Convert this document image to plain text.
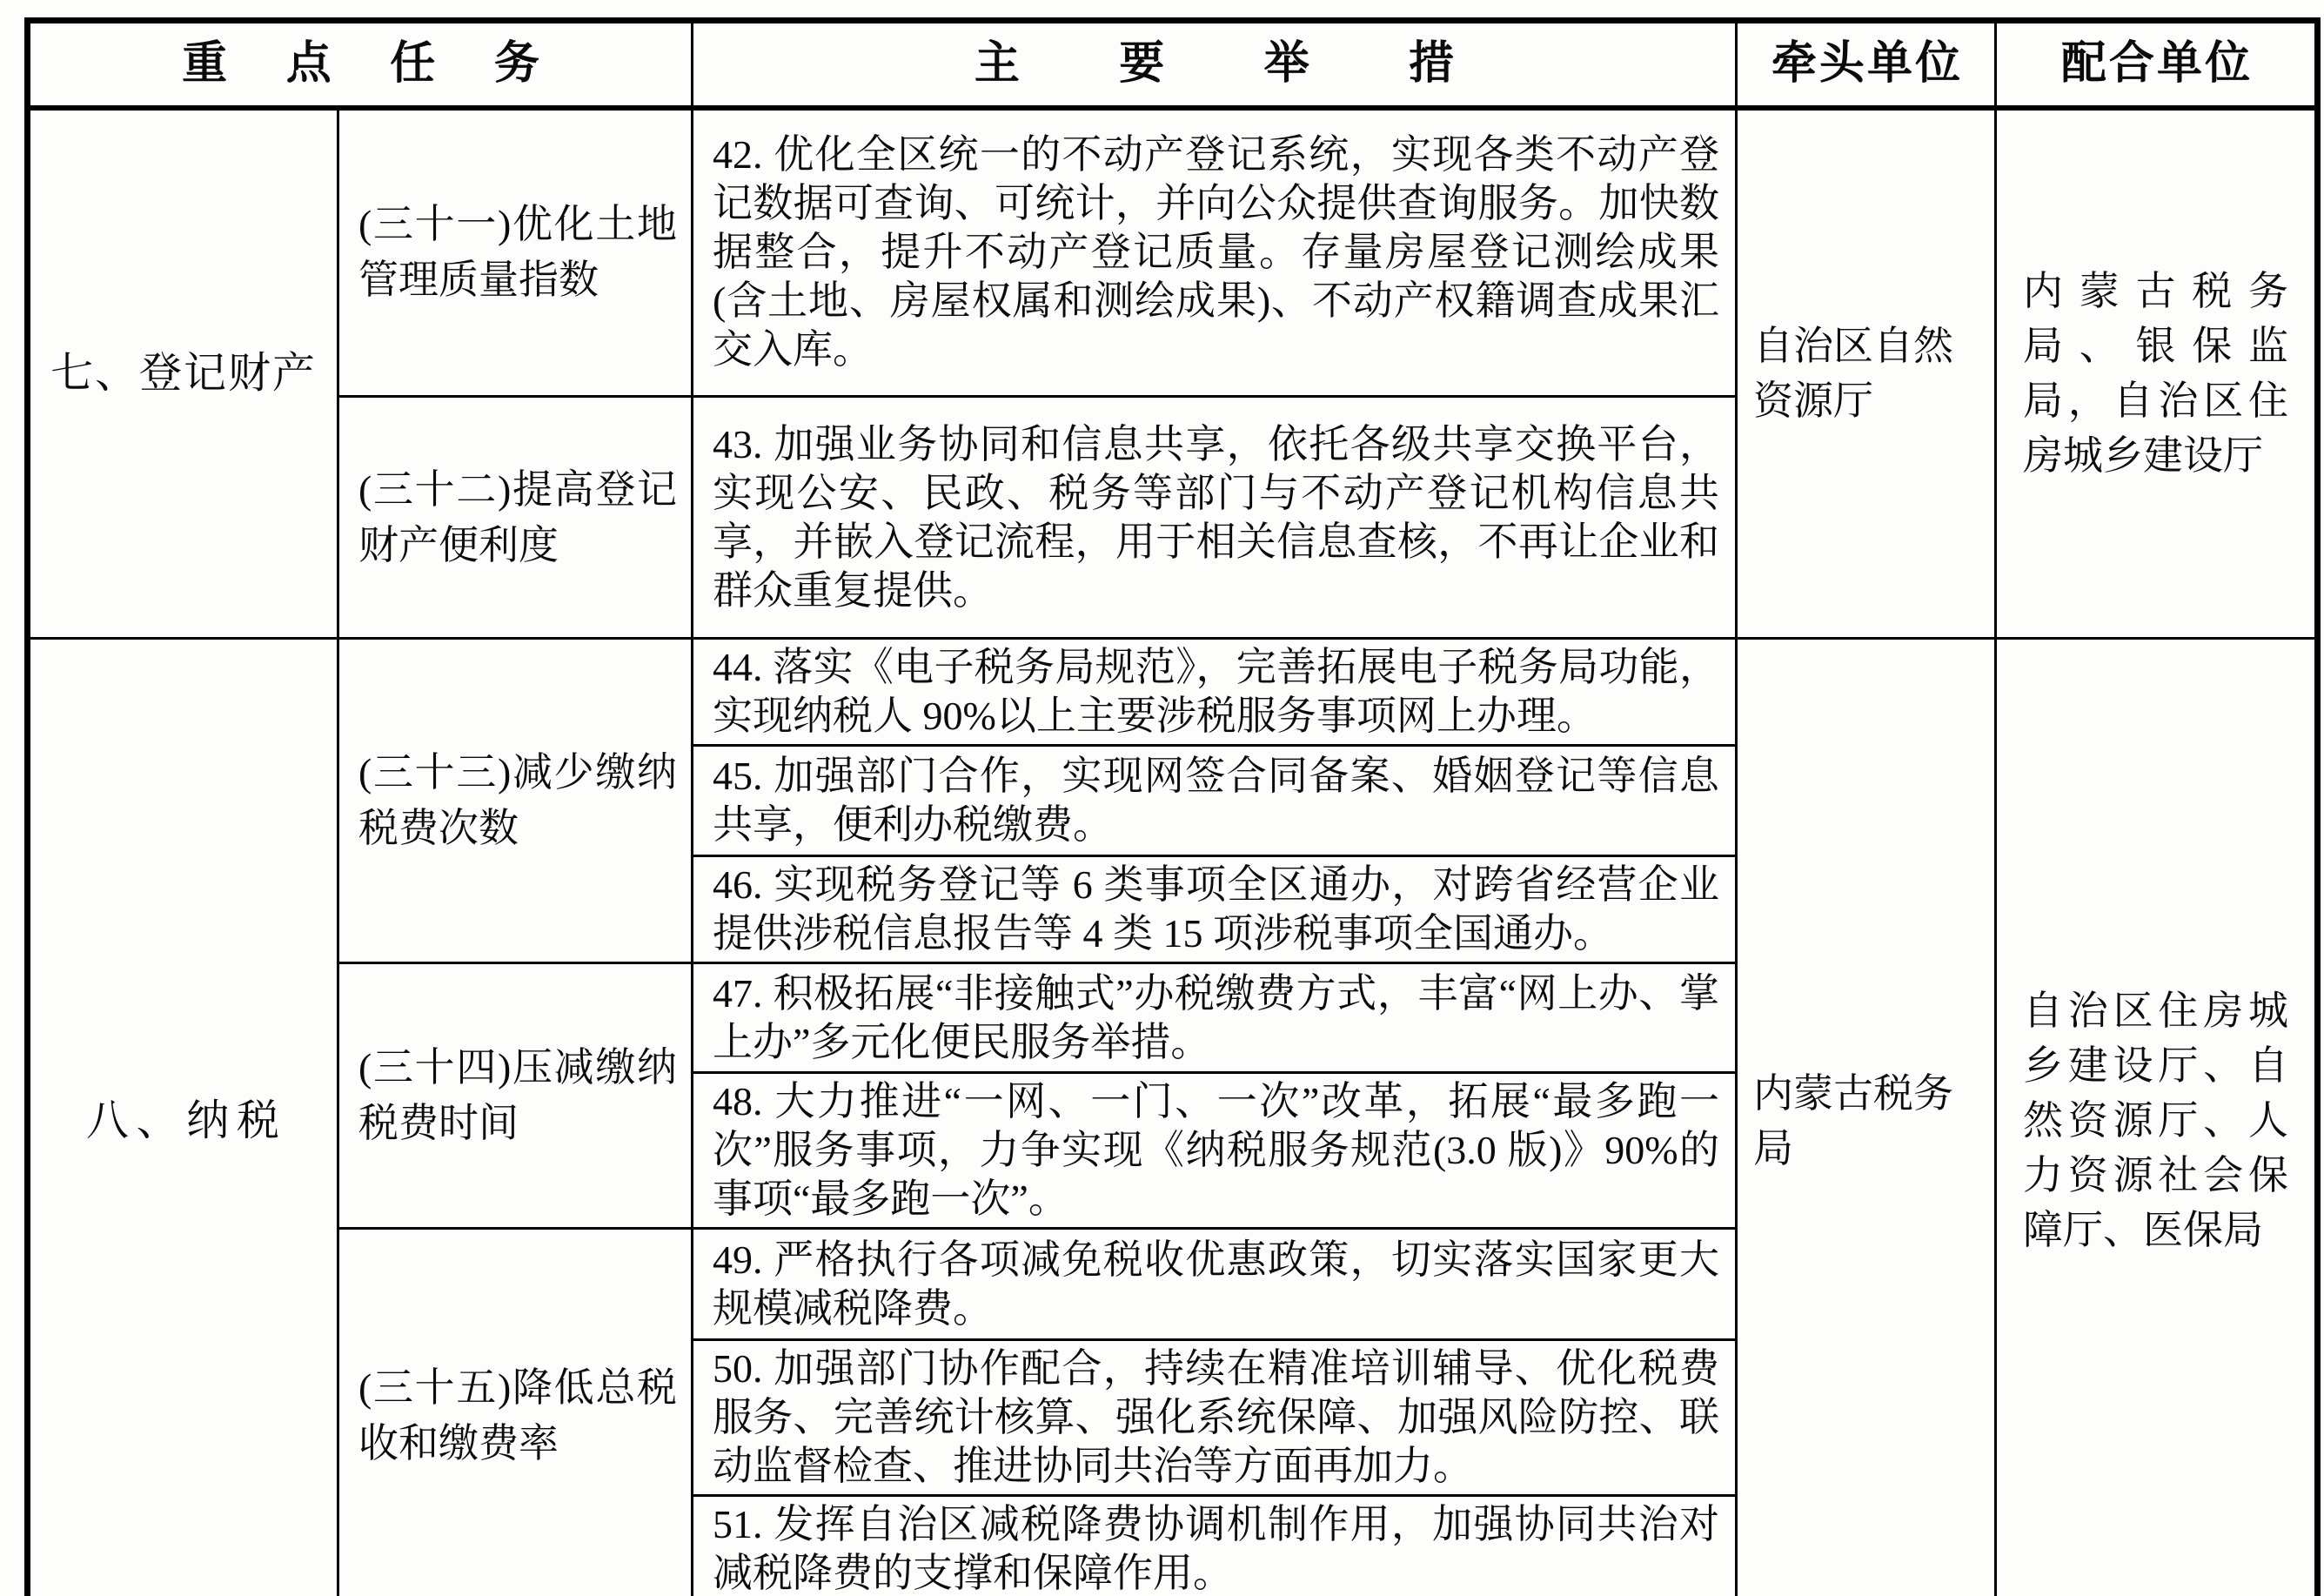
重点任务		主要举措	牵头单位	配合单位
七、登记财产	(三十一)优化土地管理质量指数	42. 优化全区统一的不动产登记系统，实现各类不动产登记数据可查询、可统计，并向公众提供查询服务。加快数据整合，提升不动产登记质量。存量房屋登记测绘成果(含土地、房屋权属和测绘成果)、不动产权籍调查成果汇交入库。	自治区自然资源厅	内蒙古税务局、银保监局，自治区住房城乡建设厅
	(三十二)提高登记财产便利度	43. 加强业务协同和信息共享，依托各级共享交换平台，实现公安、民政、税务等部门与不动产登记机构信息共享，并嵌入登记流程，用于相关信息查核，不再让企业和群众重复提供。		

八、纳税	(三十三)减少缴纳税费次数	44. 落实《电子税务局规范》，完善拓展电子税务局功能，实现纳税人 90%以上主要涉税服务事项网上办理。	内蒙古税务局	自治区住房城乡建设厅、自然资源厅、人力资源社会保障厅、医保局
		45. 加强部门合作，实现网签合同备案、婚姻登记等信息共享，便利办税缴费。		
		46. 实现税务登记等 6 类事项全区通办，对跨省经营企业提供涉税信息报告等 4 类 15 项涉税事项全国通办。		
	(三十四)压减缴纳税费时间	47. 积极拓展“非接触式”办税缴费方式，丰富“网上办、掌上办”多元化便民服务举措。		
		48. 大力推进“一网、一门、一次”改革，拓展“最多跑一次”服务事项，力争实现《纳税服务规范(3.0 版)》90%的事项“最多跑一次”。		
	(三十五)降低总税收和缴费率	49. 严格执行各项减免税收优惠政策，切实落实国家更大规模减税降费。		
		50. 加强部门协作配合，持续在精准培训辅导、优化税费服务、完善统计核算、强化系统保障、加强风险防控、联动监督检查、推进协同共治等方面再加力。		
		51. 发挥自治区减税降费协调机制作用，加强协同共治对减税降费的支撑和保障作用。		
